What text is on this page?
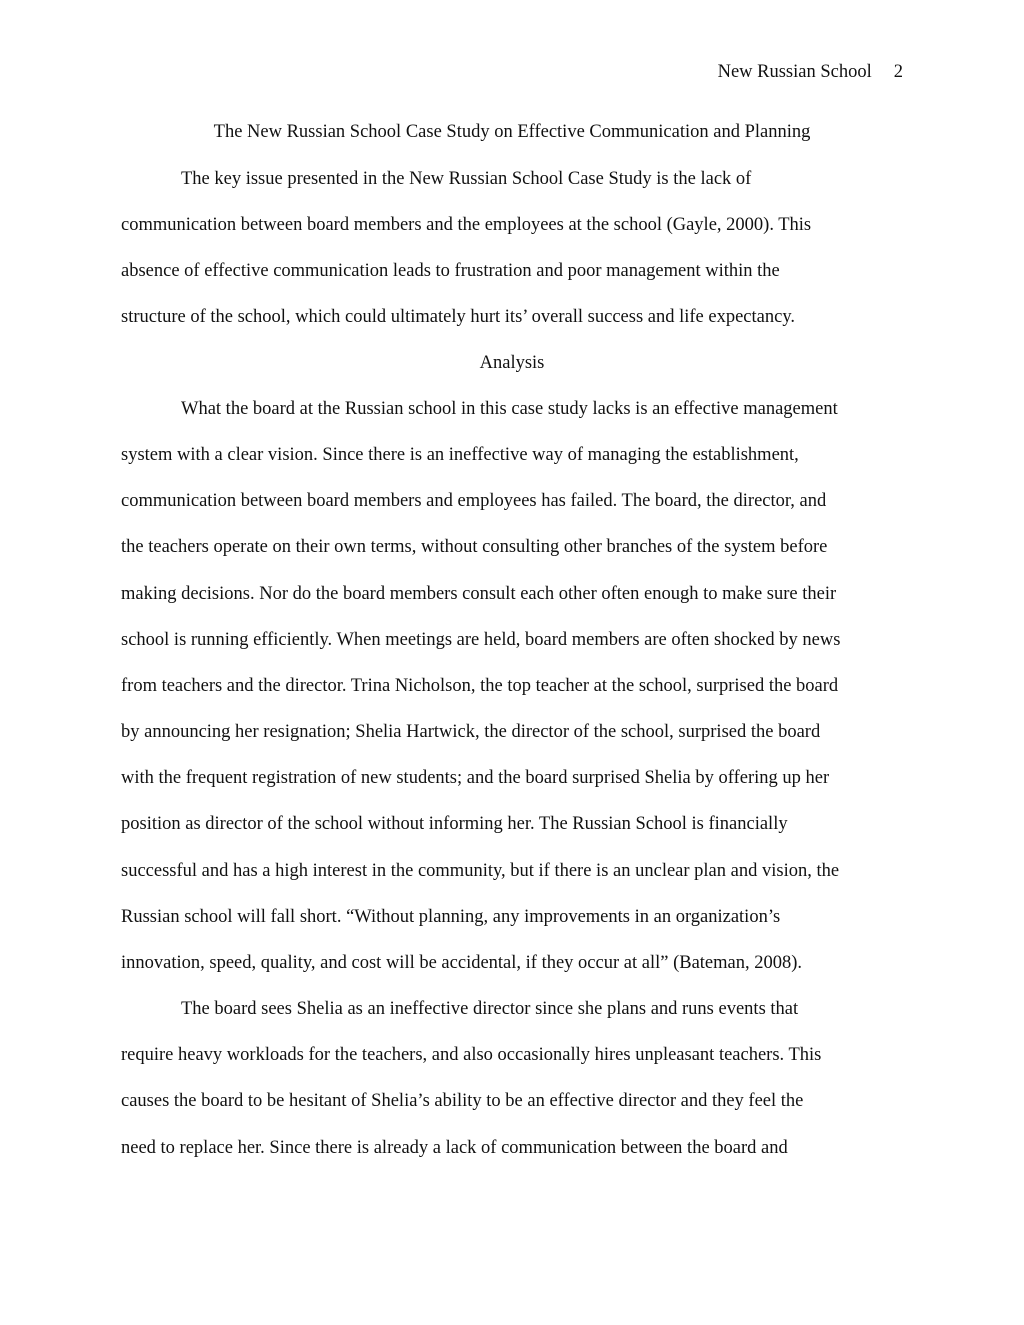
New Russian School 2
The New Russian School Case Study on Effective Communication and Planning
The key issue presented in the New Russian School Case Study is the lack of
communication between board members and the employees at the school (Gayle, 2000). This
absence of effective communication leads to frustration and poor management within the
structure of the school, which could ultimately hurt its’ overall success and life expectancy.
Analysis
What the board at the Russian school in this case study lacks is an effective management
system with a clear vision. Since there is an ineffective way of managing the establishment,
communication between board members and employees has failed. The board, the director, and
the teachers operate on their own terms, without consulting other branches of the system before
making decisions. Nor do the board members consult each other often enough to make sure their
school is running efficiently. When meetings are held, board members are often shocked by news
from teachers and the director. Trina Nicholson, the top teacher at the school, surprised the board
by announcing her resignation; Shelia Hartwick, the director of the school, surprised the board
with the frequent registration of new students; and the board surprised Shelia by offering up her
position as director of the school without informing her. The Russian School is financially
successful and has a high interest in the community, but if there is an unclear plan and vision, the
Russian school will fall short. “Without planning, any improvements in an organization’s
innovation, speed, quality, and cost will be accidental, if they occur at all” (Bateman, 2008).
The board sees Shelia as an ineffective director since she plans and runs events that
require heavy workloads for the teachers, and also occasionally hires unpleasant teachers. This
causes the board to be hesitant of Shelia’s ability to be an effective director and they feel the
need to replace her. Since there is already a lack of communication between the board and
